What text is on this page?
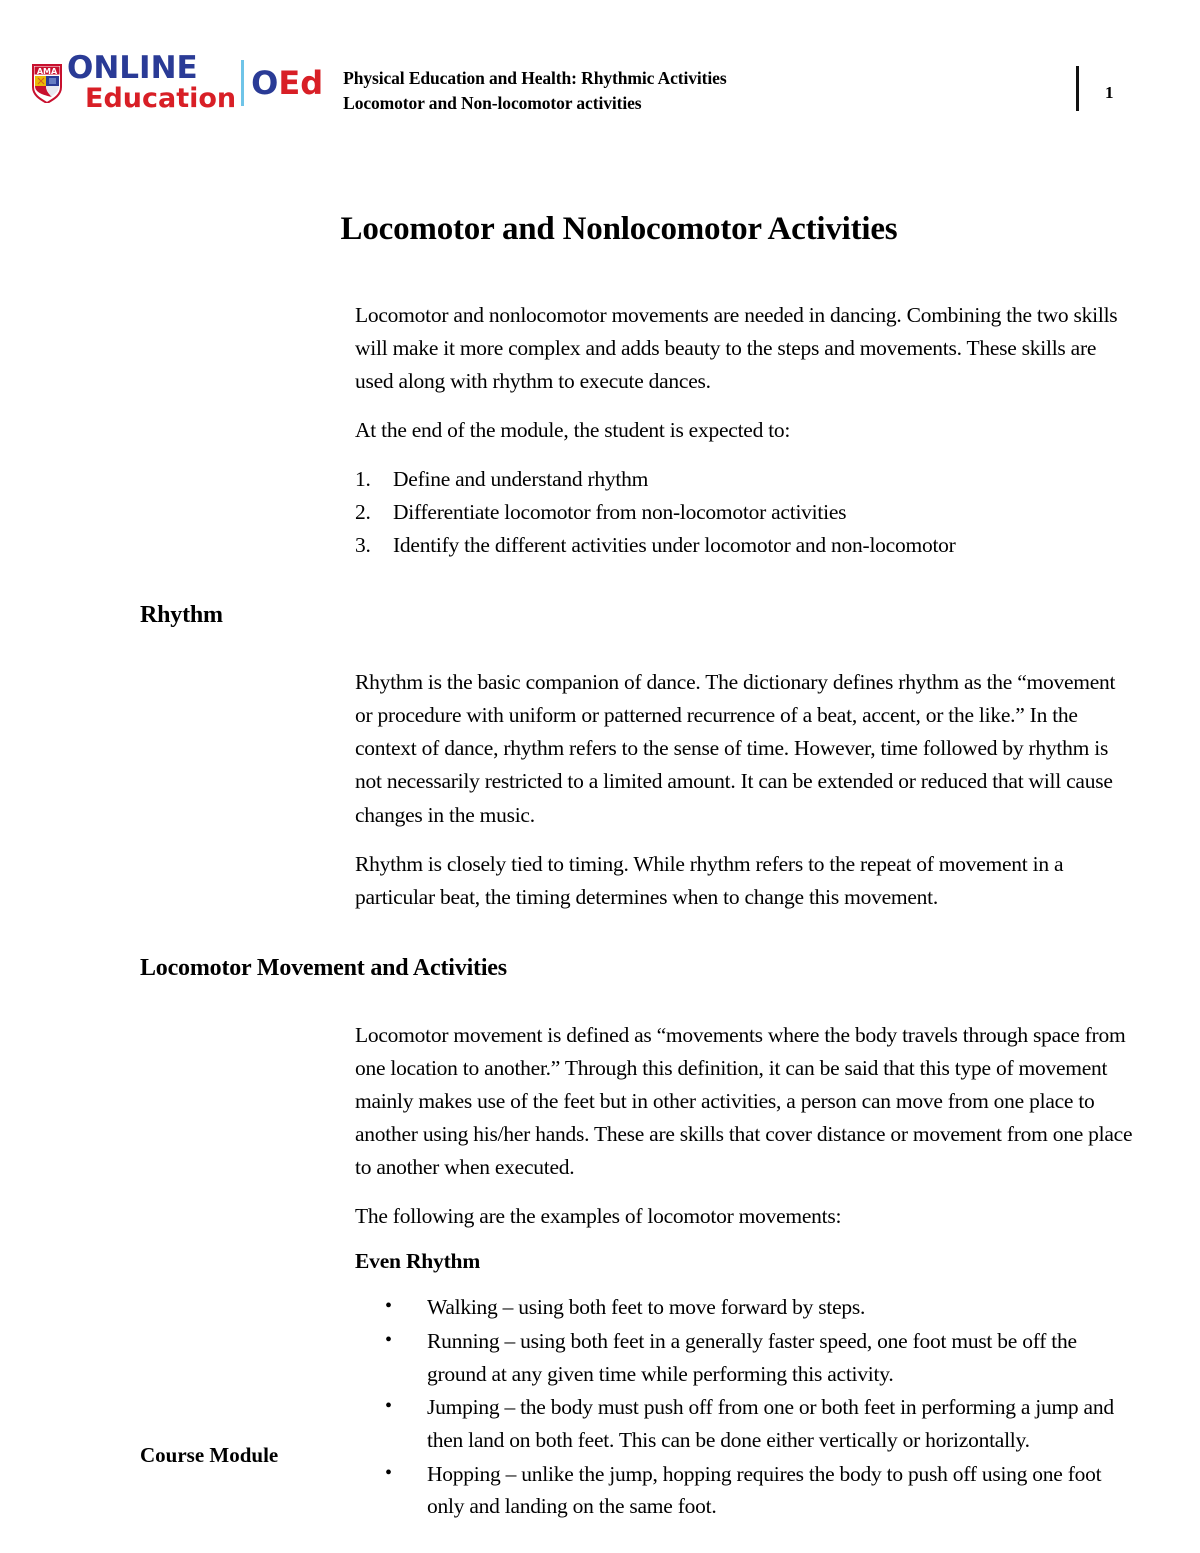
AMA ONLINE
Education OEd Physical Education and Health: Rhythmic Activities
Locomotor and Non-locomotor activities
1
Locomotor and Nonlocomotor Activities

Locomotor and nonlocomotor movements are needed in dancing. Combining the two skills will make it more complex and adds beauty to the steps and movements. These skills are used along with rhythm to execute dances.

At the end of the module, the student is expected to:

1.	Define and understand rhythm
2.	Differentiate locomotor from non-locomotor activities
3.	Identify the different activities under locomotor and non-locomotor
Rhythm

Rhythm is the basic companion of dance. The dictionary defines rhythm as the “movement or procedure with uniform or patterned recurrence of a beat, accent, or the like.” In the context of dance, rhythm refers to the sense of time. However, time followed by rhythm is not necessarily restricted to a limited amount. It can be extended or reduced that will cause changes in the music.

Rhythm is closely tied to timing. While rhythm refers to the repeat of movement in a particular beat, the timing determines when to change this movement.

Locomotor Movement and Activities

Locomotor movement is defined as “movements where the body travels through space from one location to another.” Through this definition, it can be said that this type of movement mainly makes use of the feet but in other activities, a person can move from one place to another using his/her hands. These are skills that cover distance or movement from one place to another when executed.

The following are the examples of locomotor movements:

Even Rhythm
•	Walking – using both feet to move forward by steps.
•	Running – using both feet in a generally faster speed, one foot must be off the ground at any given time while performing this activity.
•	Jumping – the body must push off from one or both feet in performing a jump and then land on both feet. This can be done either vertically or horizontally.
•	Hopping – unlike the jump, hopping requires the body to push off using one foot only and landing on the same foot.
Course Module
